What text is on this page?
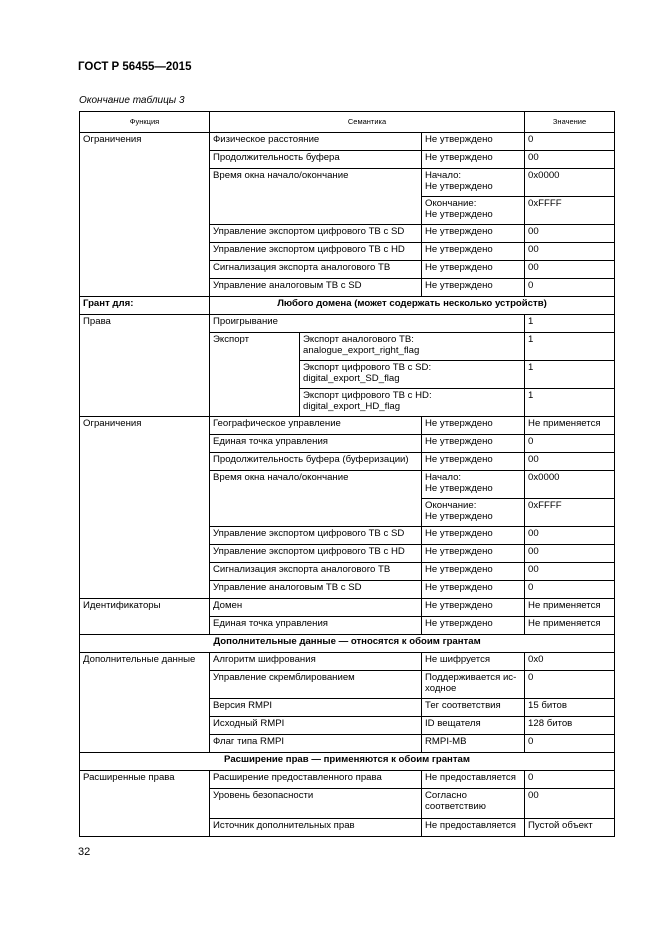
ГОСТ Р 56455—2015
Окончание таблицы 3
Функция	Семантика			Значение
Ограничения	Физическое расстояние		Не утверждено	0
	Продолжительность буфера		Не утверждено	00
	Время окна начало/окончание		Начало:
Не утверждено	0x0000
			Окончание:
Не утверждено	0xFFFF
	Управление экспортом цифрового ТВ с SD		Не утверждено	00
	Управление экспортом цифрового ТВ с HD		Не утверждено	00
	Сигнализация экспорта аналогового ТВ		Не утверждено	00
	Управление аналоговым ТВ с SD		Не утверждено	0
Грант для:	Любого домена (может содержать несколько устройств)			
Права	Проигрывание			1
	Экспорт	Экспорт аналогового ТВ:
analogue_export_right_flag		1
		Экспорт цифрового ТВ с SD:
digital_export_SD_flag		1
		Экспорт цифрового ТВ с HD:
digital_export_HD_flag		1
Ограничения	Географическое управление		Не утверждено	Не применяется
	Единая точка управления		Не утверждено	0
	Продолжительность буфера (буферизации)		Не утверждено	00
	Время окна начало/окончание		Начало:
Не утверждено	0x0000
			Окончание:
Не утверждено	0xFFFF
	Управление экспортом цифрового ТВ с SD		Не утверждено	00
	Управление экспортом цифрового ТВ с HD		Не утверждено	00
	Сигнализация экспорта аналогового ТВ		Не утверждено	00
	Управление аналоговым ТВ с SD		Не утверждено	0
Идентификаторы	Домен		Не утверждено	Не применяется
	Единая точка управления		Не утверждено	Не применяется
Дополнительные данные — относятся к обоим грантам				
Дополнительные данные	Алгоритм шифрования		Не шифруется	0x0
	Управление скремблированием		Поддерживается ис-
ходное	0
	Версия RMPI		Тег соответствия	15 битов
	Исходный RMPI		ID вещателя	128 битов
	Флаг типа RMPI		RMPI-MB	0
Расширение прав — применяются к обоим грантам				
Расширенные права	Расширение предоставленного права		Не предоставляется	0
	Уровень безопасности		Согласно
соответствию	00
	Источник дополнительных прав		Не предоставляется	Пустой объект
32
